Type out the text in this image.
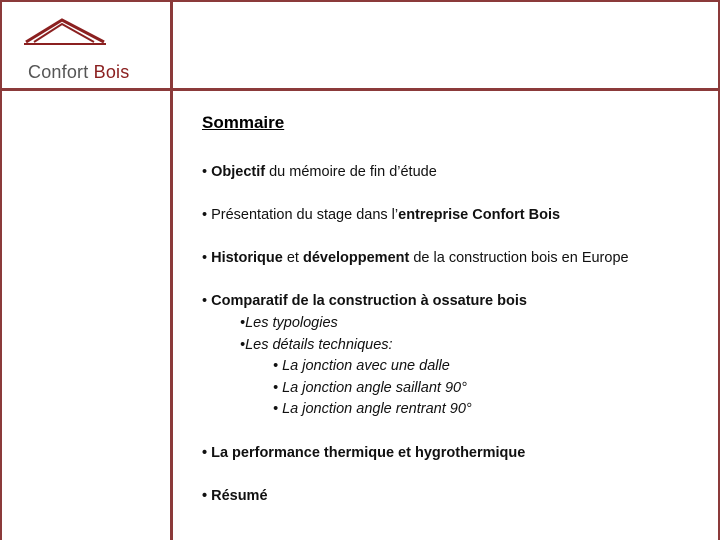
Confort Bois
Sommaire
• Objectif du mémoire de fin d’étude
• Présentation du stage dans l’entreprise Confort Bois
• Historique et développement de la construction bois en Europe
• Comparatif de la construction à ossature bois
•Les typologies
•Les détails techniques:
• La jonction avec une dalle
• La jonction angle saillant 90°
• La jonction angle rentrant 90°
• La performance thermique et hygrothermique
• Résumé
